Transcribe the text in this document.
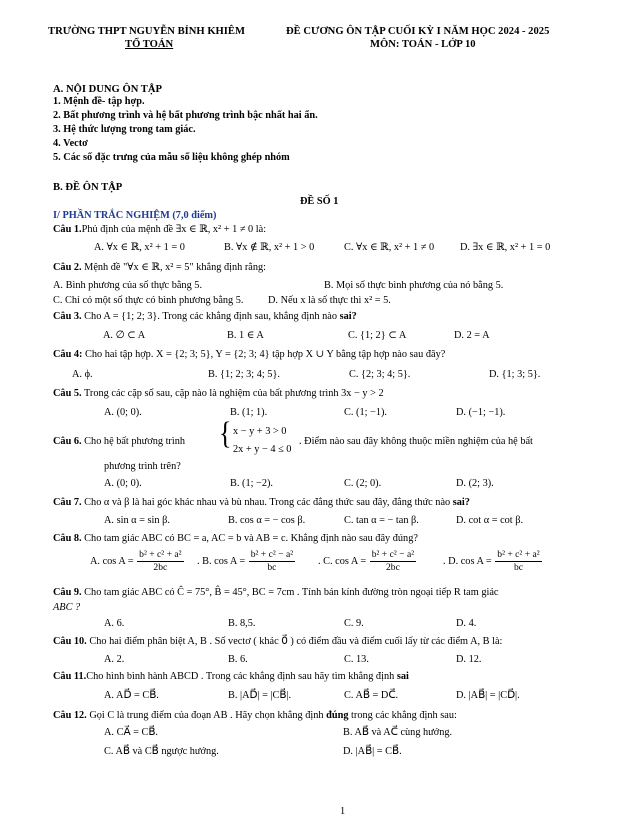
TRƯỜNG THPT NGUYỄN BỈNH KHIÊM
TỔ TOÁN
ĐỀ CƯƠNG ÔN TẬP CUỐI KỲ I NĂM HỌC 2024 - 2025
MÔN: TOÁN - LỚP 10
A. NỘI DUNG ÔN TẬP
1. Mệnh đề- tập hợp.
2. Bất phương trình và hệ bất phương trình bậc nhất hai ẩn.
3. Hệ thức lượng trong tam giác.
4. Vectơ
5. Các số đặc trưng của mẫu số liệu không ghép nhóm
B. ĐỀ ÔN TẬP
ĐỀ SỐ 1
I/ PHẦN TRẮC NGHIỆM (7,0 điểm)
Câu 1.Phủ định của mệnh đề ∃x ∈ ℝ, x² + 1 ≠ 0 là:
A. ∀x ∈ ℝ, x² + 1 = 0	B. ∀x ∉ ℝ, x² + 1 > 0	C. ∀x ∈ ℝ, x² + 1 ≠ 0	D. ∃x ∈ ℝ, x² + 1 = 0
Câu 2. Mệnh đề "∀x ∈ ℝ, x² = 5" khẳng định rằng:
A. Bình phương của số thực bằng 5.	B. Mọi số thực bình phương của nó bằng 5.
C. Chỉ có một số thực có bình phương bằng 5. D. Nếu x là số thực thì x² = 5.
Câu 3. Cho A = {1; 2; 3}. Trong các khẳng định sau, khẳng định nào sai?
A. ∅ ⊂ A	B. 1 ∈ A	C. {1; 2} ⊂ A	D. 2 = A
Câu 4: Cho hai tập hợp. X = {2; 3; 5}, Y = {2; 3; 4} tập hợp X ∪ Y bằng tập hợp nào sau đây?
A. ϕ.	B. {1; 2; 3; 4; 5}.	C. {2; 3; 4; 5}.	D. {1; 3; 5}.
Câu 5. Trong các cặp số sau, cặp nào là nghiệm của bất phương trình 3x − y > 2
A. (0; 0).	B. (1; 1).	C. (1; −1).	D. (−1; −1).
Câu 6. Cho hệ bất phương trình { x − y + 3 > 0
2x + y − 4 ≤ 0
. Điểm nào sau đây không thuộc miền nghiệm của hệ bất
phương trình trên?
A. (0; 0).	B. (1; −2).	C. (2; 0).	D. (2; 3).
Câu 7. Cho α và β là hai góc khác nhau và bù nhau. Trong các đẳng thức sau đây, đẳng thức nào sai?
A. sin α = sin β.	B. cos α = − cos β.	C. tan α = − tan β.	D. cot α = cot β.
Câu 8. Cho tam giác ABC có BC = a, AC = b và AB = c. Khẳng định nào sau đây đúng?
A. $\cos A = \frac{\text{b² + c² + a²}}{2bc}$ . B. $\cos A = \frac{\text{b² + c² − a²}}{bc}$ . C. $\cos A = \frac{\text{b² + c² − a²}}{2bc}$	. D. $\cos A = \frac{\text{b² + c² + a²}}{bc}$
Câu 9. Cho tam giác ABC có Ĉ = 75°, B̂ = 45°, BC = 7cm . Tính bán kính đường tròn ngoại tiếp R tam giác
ABC ?
A. 6.	B. 8,5.	C. 9.	D. 4.
Câu 10. Cho hai điểm phân biệt A, B . Số vectơ ( khác 0⃗ ) có điểm đầu và điểm cuối lấy từ các điểm A, B là:
A. 2.	B. 6.	C. 13.	D. 12.
Câu 11.Cho hình bình hành ABCD . Trong các khẳng định sau hãy tìm khẳng định sai
A. AD⃗ = CB⃗.	B. |AD⃗| = |CB⃗|.	C. AB⃗ = DC⃗.	D. |AB⃗| = |CD⃗|.
Câu 12. Gọi C là trung điểm của đoạn AB . Hãy chọn khẳng định đúng trong các khẳng định sau:
A. CA⃗ = CB⃗.	B. AB⃗ và AC⃗ cùng hướng.
C. AB⃗ và CB⃗ ngược hướng.	D. |AB⃗| = CB⃗.
1
